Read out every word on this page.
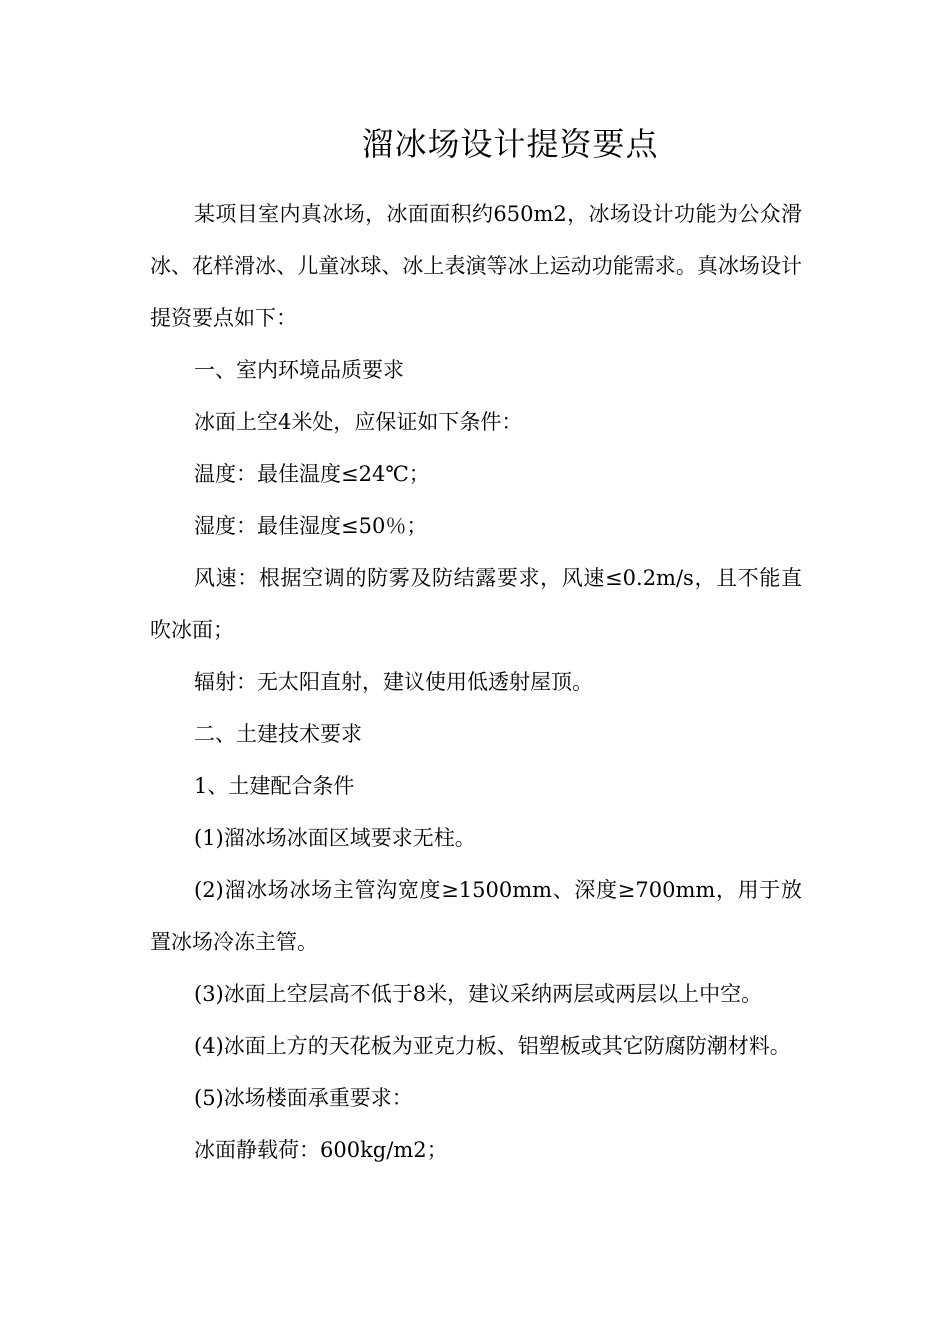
溜冰场设计提资要点

某项目室内真冰场，冰面面积约650m2，冰场设计功能为公众滑冰、花样滑冰、儿童冰球、冰上表演等冰上运动功能需求。真冰场设计提资要点如下：

一、室内环境品质要求

冰面上空4米处，应保证如下条件：

温度：最佳温度≤24℃；

湿度：最佳湿度≤50％；

风速：根据空调的防雾及防结露要求，风速≤0.2m/s，且不能直吹冰面；

辐射：无太阳直射，建议使用低透射屋顶。

二、土建技术要求

1、土建配合条件

(1)溜冰场冰面区域要求无柱。

(2)溜冰场冰场主管沟宽度≥1500mm、深度≥700mm，用于放置冰场冷冻主管。

(3)冰面上空层高不低于8米，建议采纳两层或两层以上中空。

(4)冰面上方的天花板为亚克力板、铝塑板或其它防腐防潮材料。

(5)冰场楼面承重要求：

冰面静载荷：600kg/m2；
